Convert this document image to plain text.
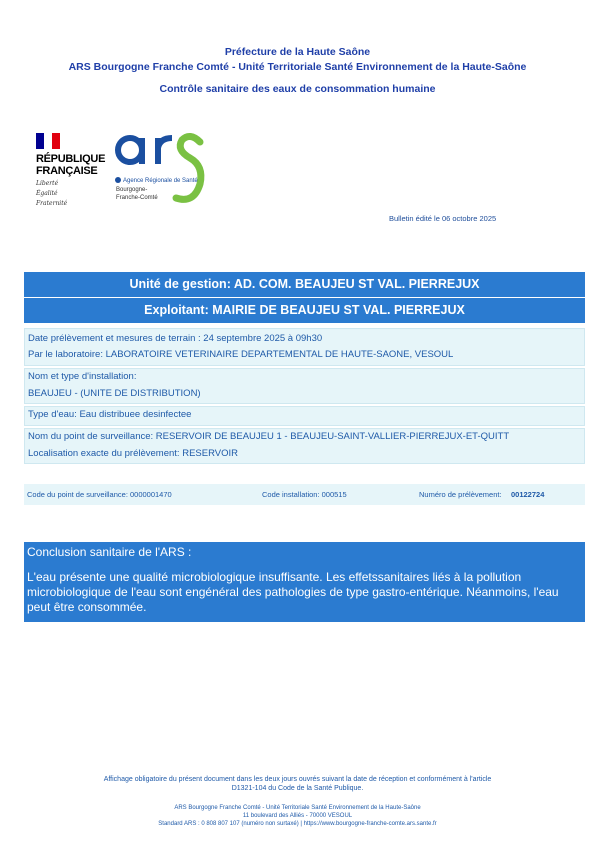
Préfecture de la Haute Saône
ARS Bourgogne Franche Comté - Unité Territoriale Santé Environnement de la Haute-Saône
Contrôle sanitaire des eaux de consommation humaine
RÉPUBLIQUE
FRANÇAISE
Liberté
Égalité
Fraternité
Agence Régionale de Santé
Bourgogne-
Franche-Comté
Bulletin édité le 06 octobre 2025
Unité de gestion: AD. COM. BEAUJEU ST VAL. PIERREJUX
Exploitant: MAIRIE DE BEAUJEU ST VAL. PIERREJUX
Date prélèvement et mesures de terrain : 24 septembre 2025 à 09h30
Par le laboratoire: LABORATOIRE VETERINAIRE DEPARTEMENTAL DE HAUTE-SAONE, VESOUL
Nom et type d'installation:
BEAUJEU - (UNITE DE DISTRIBUTION)
Type d'eau: Eau distribuee desinfectee
Nom du point de surveillance: RESERVOIR DE BEAUJEU 1 - BEAUJEU-SAINT-VALLIER-PIERREJUX-ET-QUITT
Localisation exacte du prélèvement: RESERVOIR
Code du point de surveillance: 0000001470	Code installation: 000515	Numéro de prélèvement: 00122724
Conclusion sanitaire de l'ARS :
L'eau présente une qualité microbiologique insuffisante. Les effetssanitaires liés à la pollution microbiologique de l'eau sont engénéral des pathologies de type gastro-entérique. Néanmoins, l'eau peut être consommée.
Affichage obligatoire du présent document dans les deux jours ouvrés suivant la date de réception et conformément à l'article
D1321-104 du Code de la Santé Publique.
ARS Bourgogne Franche Comté - Unité Territoriale Santé Environnement de la Haute-Saône
11 boulevard des Alliés - 70000 VESOUL
Standard ARS : 0 808 807 107 (numéro non surtaxé) | https://www.bourgogne-franche-comte.ars.sante.fr
